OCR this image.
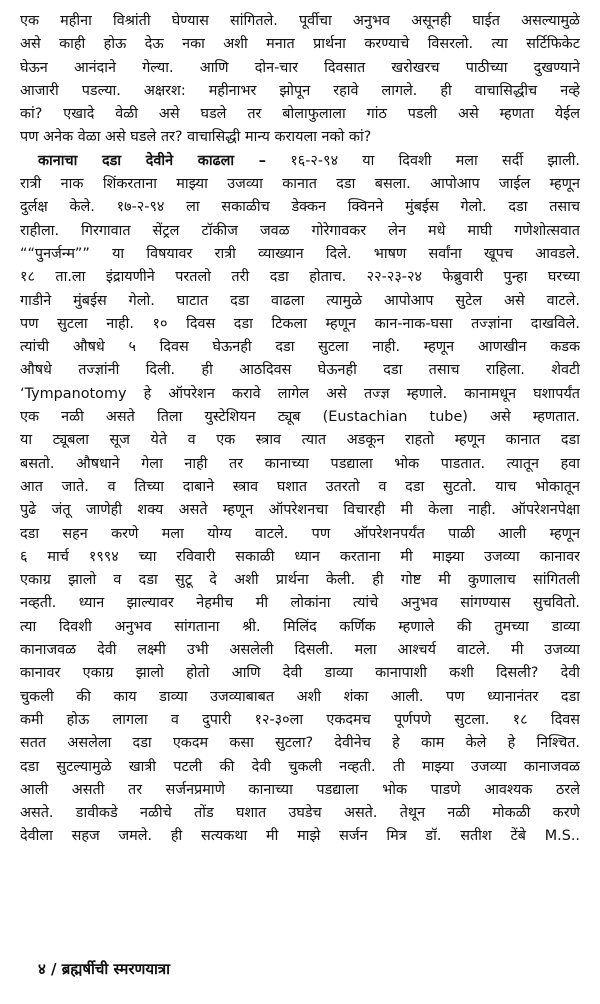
एक महीना विश्रांती घेण्यास सांगितले. पूर्वीचा अनुभव असूनही घाईत असल्यामुळे
असे काही होऊ देऊ नका अशी मनात प्रार्थना करण्याचे विसरलो. त्या सर्टिफिकेट
घेऊन आनंदाने गेल्या. आणि दोन-चार दिवसात खरोखरच पाठीच्या दुखण्याने
आजारी पडल्या. अक्षरश: महीनाभर झोपून रहावे लागले. ही वाचासिद्धीच नव्हे
कां? एखादे वेळी असे घडले तर बोलाफुलाला गांठ पडली असे म्हणता येईल
पण अनेक वेळा असे घडले तर? वाचासिद्धी मान्य करायला नको कां?
कानाचा दडा देवीने काढला – १६-२-९४ या दिवशी मला सर्दी झाली.
रात्री नाक शिंकरताना माझ्या उजव्या कानात दडा बसला. आपोआप जाईल म्हणून
दुर्लक्ष केले. १७-२-९४ ला सकाळीच डेक्कन क्विनने मुंबईस गेलो. दडा तसाच
राहीला. गिरगावात सेंट्रल टॉकीज जवळ गोरेगावकर लेन मधे माघी गणेशोत्सवात
““पुनर्जन्म”” या विषयावर रात्री व्याख्यान दिले. भाषण सर्वांना खूपच आवडले.
१८ ता.ला इंद्रायणीने परतलो तरी दडा होताच. २२-२३-२४ फेब्रुवारी पुन्हा घरच्या
गाडीने मुंबईस गेलो. घाटात दडा वाढला त्यामुळे आपोआप सुटेल असे वाटले.
पण सुटला नाही. १० दिवस दडा टिकला म्हणून कान-नाक-घसा तज्ज्ञांना दाखविले.
त्यांची औषधे ५ दिवस घेऊनही दडा सुटला नाही. म्हणून आणखीन कडक
औषधे तज्ज्ञांनी दिली. ही आठदिवस घेऊनही दडा तसाच राहिला. शेवटी
‘Tympanotomy हे ऑपरेशन करावे लागेल असे तज्ज्ञ म्हणाले. कानामधून घशापर्यंत
एक नळी असते तिला युस्टेशियन ट्यूब (Eustachian tube) असे म्हणतात.
या ट्यूबला सूज येते व एक स्त्राव त्यात अडकून राहतो म्हणून कानात दडा
बसतो. औषधाने गेला नाही तर कानाच्या पडद्याला भोक पाडतात. त्यातून हवा
आत जाते. व तिच्या दाबाने स्त्राव घशात उतरतो व दडा सुटतो. याच भोकातून
पुढे जंतू जाणेही शक्य असते म्हणून ऑपरेशनचा विचारही मी केला नाही. ऑपरेशनपेक्षा
दडा सहन करणे मला योग्य वाटले. पण ऑपरेशनपर्यंत पाळी आली म्हणून
६ मार्च १९९४ च्या रविवारी सकाळी ध्यान करताना मी माझ्या उजव्या कानावर
एकाग्र झालो व दडा सुटू दे अशी प्रार्थना केली. ही गोष्ट मी कुणालाच सांगितली
नव्हती. ध्यान झाल्यावर नेहमीच मी लोकांना त्यांचे अनुभव सांगण्यास सुचवितो.
त्या दिवशी अनुभव सांगताना श्री. मिलिंद कर्णिक म्हणाले की तुमच्या डाव्या
कानाजवळ देवी लक्ष्मी उभी असलेली दिसली. मला आश्चर्य वाटले. मी उजव्या
कानावर एकाग्र झालो होतो आणि देवी डाव्या कानापाशी कशी दिसली? देवी
चुकली की काय डाव्या उजव्याबाबत अशी शंका आली. पण ध्यानानंतर दडा
कमी होऊ लागला व दुपारी १२-३०ला एकदमच पूर्णपणे सुटला. १८ दिवस
सतत असलेला दडा एकदम कसा सुटला? देवीनेच हे काम केले हे निश्चित.
दडा सुटल्यामुळे खात्री पटली की देवी चुकली नव्हती. ती माझ्या उजव्या कानाजवळ
आली असती तर सर्जनप्रमाणे कानाच्या पडद्याला भोक पाडणे आवश्यक ठरले
असते. डावीकडे नळीचे तोंड घशात उघडेच असते. तेथून नळी मोकळी करणे
देवीला सहज जमले. ही सत्यकथा मी माझे सर्जन मित्र डॉ. सतीश टेंबे M.S..
४ / ब्रह्मर्षीची स्मरणयात्रा
